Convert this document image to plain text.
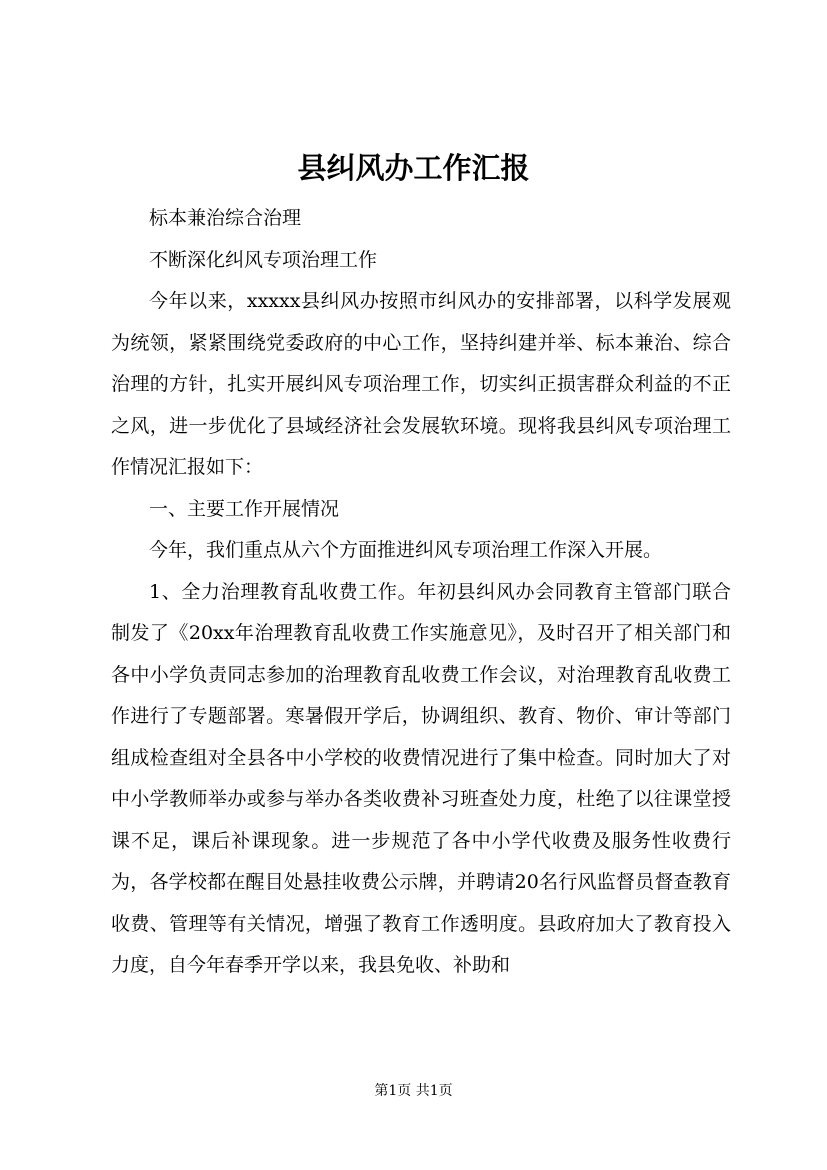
县纠风办工作汇报

标本兼治综合治理

不断深化纠风专项治理工作

今年以来，xxxxx县纠风办按照市纠风办的安排部署，以科学发展观为统领，紧紧围绕党委政府的中心工作，坚持纠建并举、标本兼治、综合治理的方针，扎实开展纠风专项治理工作，切实纠正损害群众利益的不正之风，进一步优化了县域经济社会发展软环境。现将我县纠风专项治理工作情况汇报如下：

一、主要工作开展情况

今年，我们重点从六个方面推进纠风专项治理工作深入开展。

1、全力治理教育乱收费工作。年初县纠风办会同教育主管部门联合制发了《20xx年治理教育乱收费工作实施意见》，及时召开了相关部门和各中小学负责同志参加的治理教育乱收费工作会议，对治理教育乱收费工作进行了专题部署。寒暑假开学后，协调组织、教育、物价、审计等部门组成检查组对全县各中小学校的收费情况进行了集中检查。同时加大了对中小学教师举办或参与举办各类收费补习班查处力度，杜绝了以往课堂授课不足，课后补课现象。进一步规范了各中小学代收费及服务性收费行为，各学校都在醒目处悬挂收费公示牌，并聘请20名行风监督员督查教育收费、管理等有关情况，增强了教育工作透明度。县政府加大了教育投入力度，自今年春季开学以来，我县免收、补助和

第1页 共1页
